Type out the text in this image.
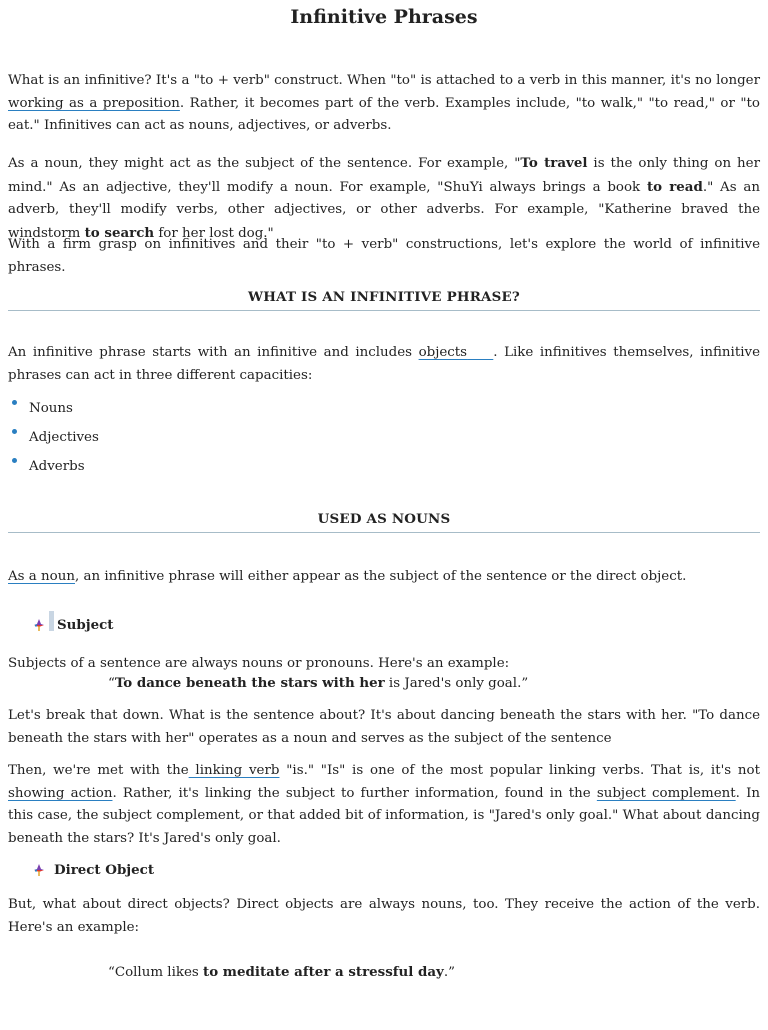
Infinitive Phrases

What is an infinitive? It's a "to + verb" construct. When "to" is attached to a verb in this manner, it's no longer working as a preposition. Rather, it becomes part of the verb. Examples include, "to walk," "to read," or "to eat." Infinitives can act as nouns, adjectives, or adverbs.

As a noun, they might act as the subject of the sentence. For example, "To travel is the only thing on her mind." As an adjective, they'll modify a noun. For example, "ShuYi always brings a book to read." As an adverb, they'll modify verbs, other adjectives, or other adverbs. For example, "Katherine braved the windstorm to search for her lost dog."

With a firm grasp on infinitives and their "to + verb" constructions, let's explore the world of infinitive phrases.

WHAT IS AN INFINITIVE PHRASE?

An infinitive phrase starts with an infinitive and includes objects . Like infinitives themselves, infinitive phrases can act in three different capacities:

Nouns
Adjectives
Adverbs
USED AS NOUNS

As a noun, an infinitive phrase will either appear as the subject of the sentence or the direct object.

Subject

Subjects of a sentence are always nouns or pronouns. Here's an example:

“To dance beneath the stars with her is Jared's only goal.”

Let's break that down. What is the sentence about? It's about dancing beneath the stars with her. "To dance beneath the stars with her" operates as a noun and serves as the subject of the sentence

Then, we're met with the linking verb "is." "Is" is one of the most popular linking verbs. That is, it's not showing action. Rather, it's linking the subject to further information, found in the subject complement. In this case, the subject complement, or that added bit of information, is "Jared's only goal." What about dancing beneath the stars? It's Jared's only goal.

Direct Object

But, what about direct objects? Direct objects are always nouns, too. They receive the action of the verb. Here's an example:

“Collum likes to meditate after a stressful day.”
